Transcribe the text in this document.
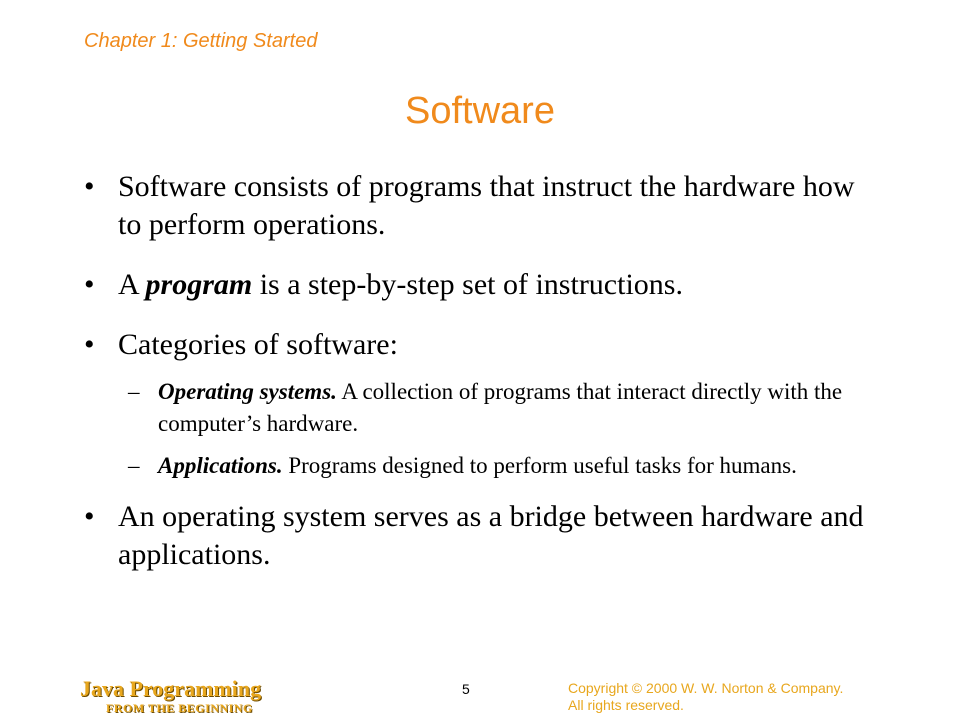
Chapter 1: Getting Started
Software
• Software consists of programs that instruct the hardware how to perform operations.
• A program is a step-by-step set of instructions.
• Categories of software:
– Operating systems. A collection of programs that interact directly with the computer’s hardware.
– Applications. Programs designed to perform useful tasks for humans.
• An operating system serves as a bridge between hardware and applications.
Java Programming
FROM THE BEGINNING
5	Copyright © 2000 W. W. Norton & Company.
All rights reserved.
